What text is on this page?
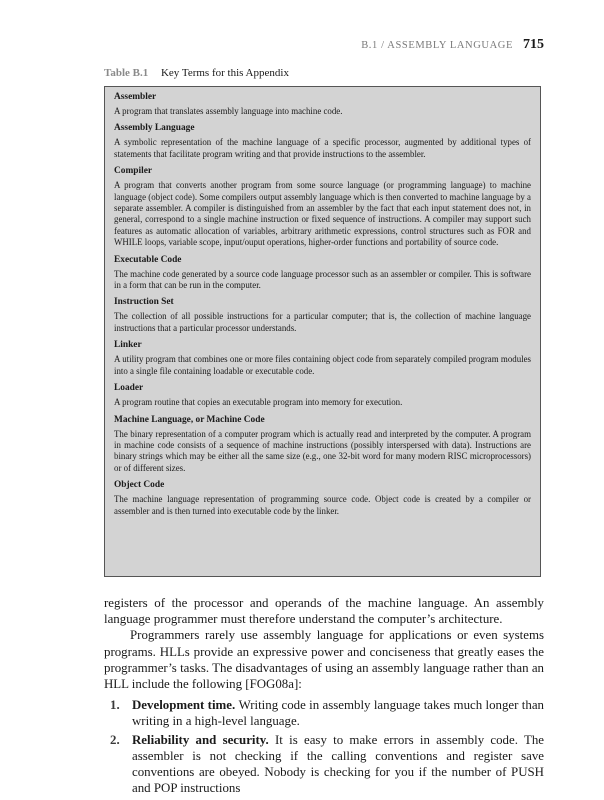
B.1 / ASSEMBLY LANGUAGE 715
Table B.1 Key Terms for this Appendix
Assembler
A program that translates assembly language into machine code.
Assembly Language
A symbolic representation of the machine language of a specific processor, augmented by additional types of statements that facilitate program writing and that provide instructions to the assembler.
Compiler
A program that converts another program from some source language (or programming language) to machine language (object code). Some compilers output assembly language which is then converted to machine language by a separate assembler. A compiler is distinguished from an assembler by the fact that each input statement does not, in general, correspond to a single machine instruction or fixed sequence of instructions. A compiler may support such features as automatic allocation of variables, arbitrary arithmetic expressions, control structures such as FOR and WHILE loops, variable scope, input/ouput operations, higher-order functions and portability of source code.
Executable Code
The machine code generated by a source code language processor such as an assembler or compiler. This is software in a form that can be run in the computer.
Instruction Set
The collection of all possible instructions for a particular computer; that is, the collection of machine language instructions that a particular processor understands.
Linker
A utility program that combines one or more files containing object code from separately compiled program modules into a single file containing loadable or executable code.
Loader
A program routine that copies an executable program into memory for execution.
Machine Language, or Machine Code
The binary representation of a computer program which is actually read and interpreted by the computer. A program in machine code consists of a sequence of machine instructions (possibly interspersed with data). Instructions are binary strings which may be either all the same size (e.g., one 32-bit word for many modern RISC microprocessors) or of different sizes.
Object Code
The machine language representation of programming source code. Object code is created by a compiler or assembler and is then turned into executable code by the linker.

registers of the processor and operands of the machine language. An assembly language programmer must therefore understand the computer’s architecture.

Programmers rarely use assembly language for applications or even systems programs. HLLs provide an expressive power and conciseness that greatly eases the programmer’s tasks. The disadvantages of using an assembly language rather than an HLL include the following [FOG08a]:

1. Development time. Writing code in assembly language takes much longer than writing in a high-level language.
2. Reliability and security. It is easy to make errors in assembly code. The assembler is not checking if the calling conventions and register save conventions are obeyed. Nobody is checking for you if the number of PUSH and POP instructions
